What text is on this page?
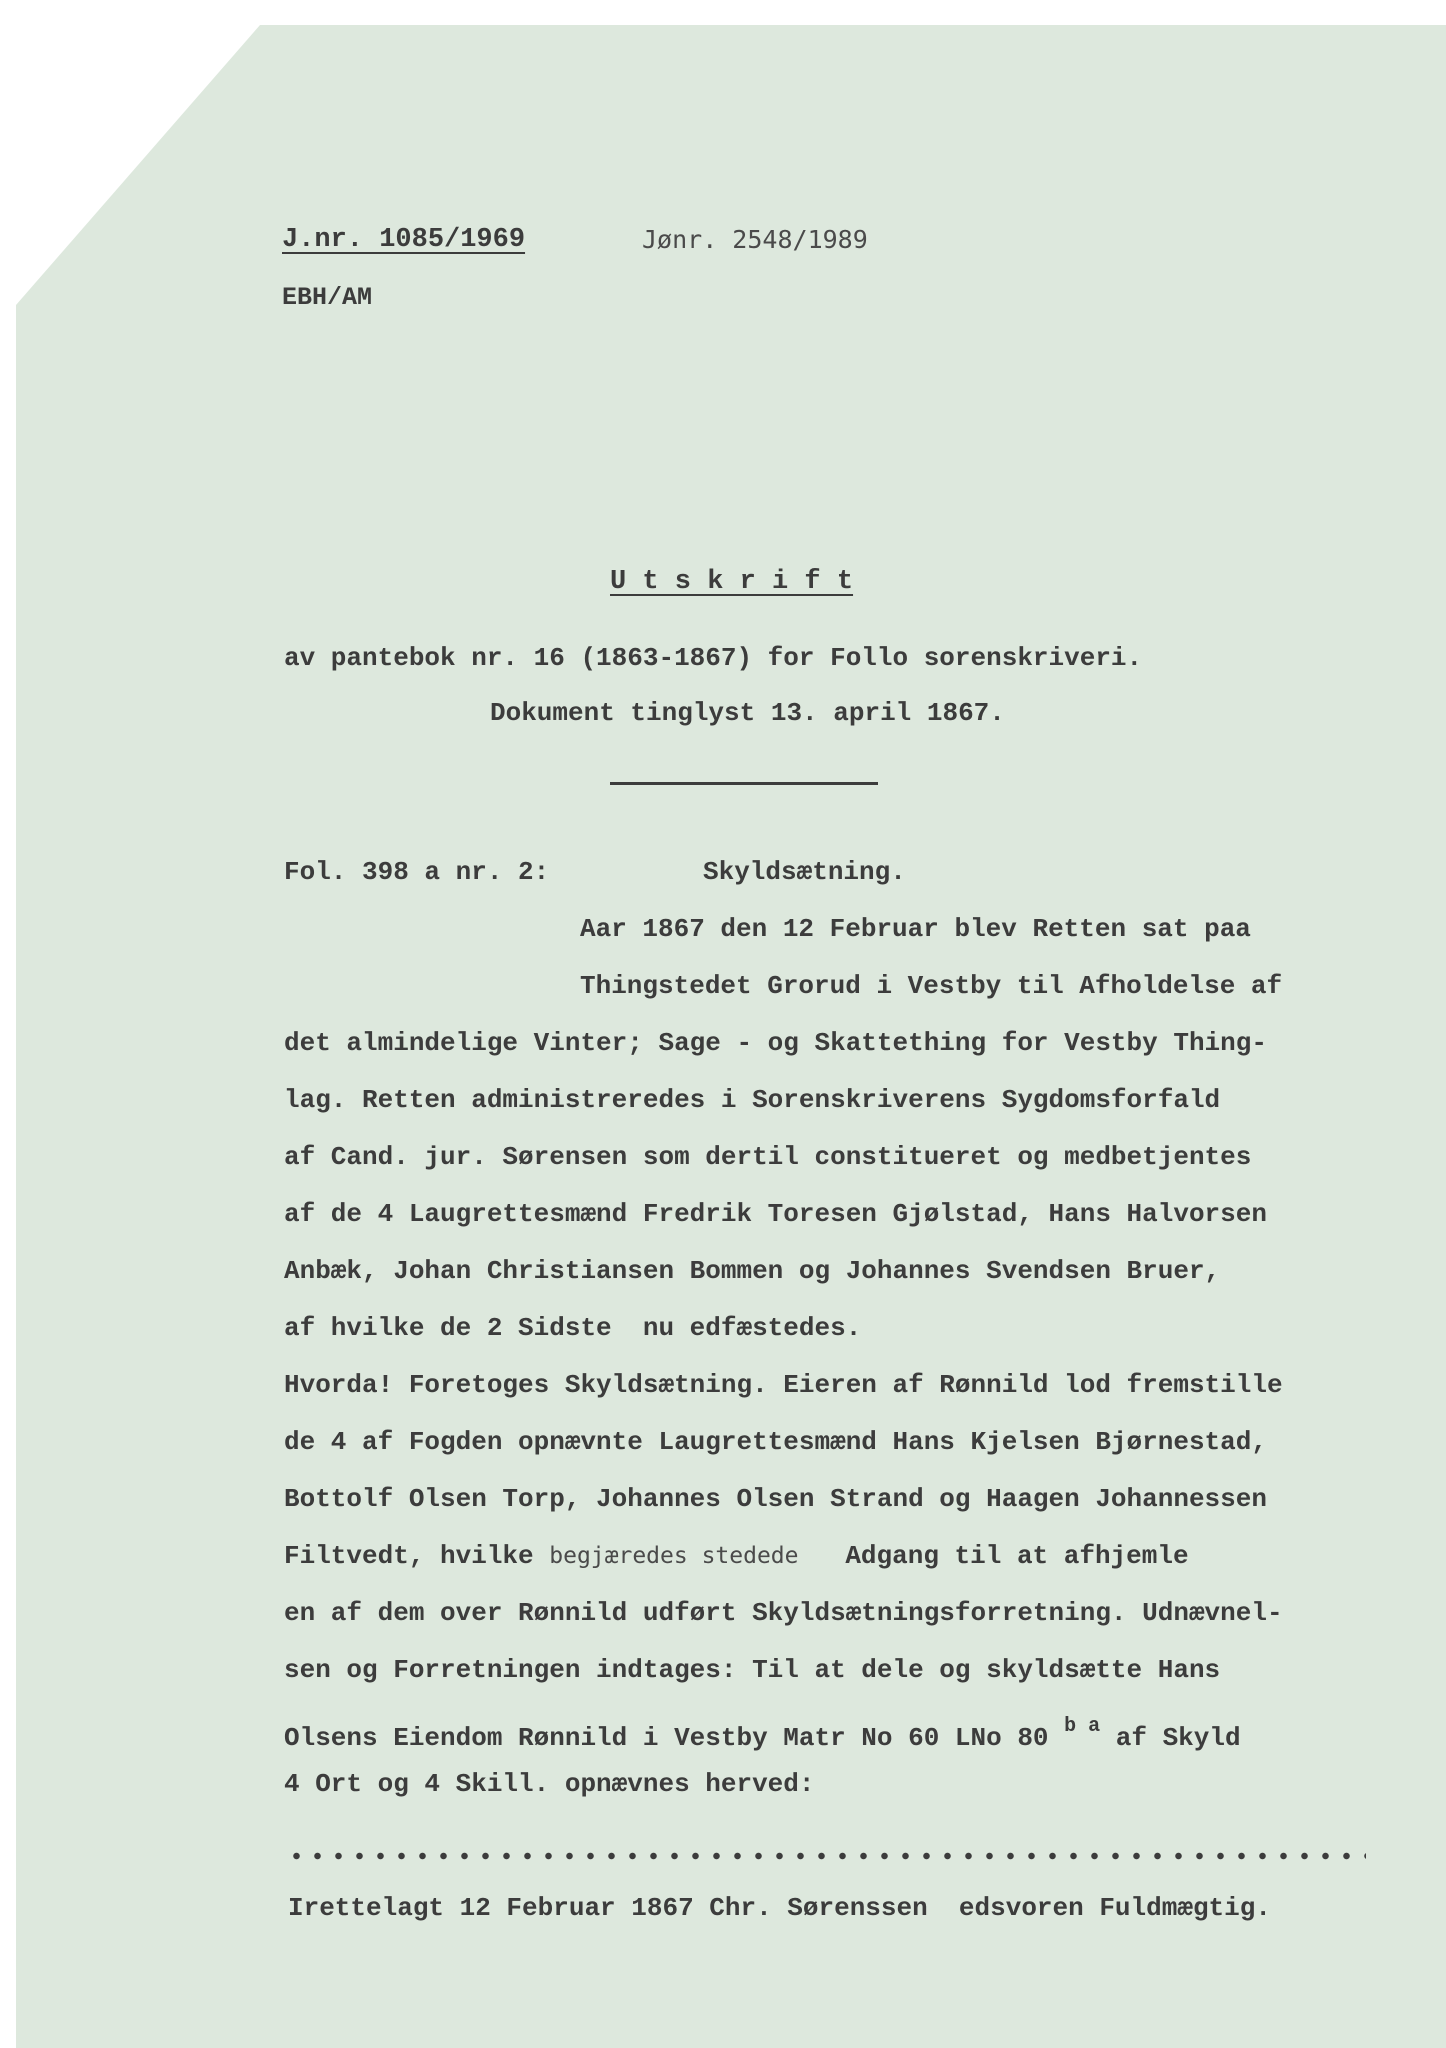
J.nr. 1085/1969	Jønr. 2548/1989
EBH/AM
U t s k r i f t
av pantebok nr. 16 (1863-1867) for Follo sorenskriveri.
Dokument tinglyst 13. april 1867.
Fol. 398 a nr. 2:	Skyldsætning.
Aar 1867 den 12 Februar blev Retten sat paa
Thingstedet Grorud i Vestby til Afholdelse af
det almindelige Vinter; Sage - og Skattething for Vestby Thing-
lag. Retten administreredes i Sorenskriverens Sygdomsforfald
af Cand. jur. Sørensen som dertil constitueret og medbetjentes
af de 4 Laugrettesmænd Fredrik Toresen Gjølstad, Hans Halvorsen
Anbæk, Johan Christiansen Bommen og Johannes Svendsen Bruer,
af hvilke de 2 Sidste  nu edfæstedes.
Hvorda! Foretoges Skyldsætning. Eieren af Rønnild lod fremstille
de 4 af Fogden opnævnte Laugrettesmænd Hans Kjelsen Bjørnestad,
Bottolf Olsen Torp, Johannes Olsen Strand og Haagen Johannessen
Filtvedt, hvilke begjæredes stedede Adgang til at afhjemle
en af dem over Rønnild udført Skyldsætningsforretning. Udnævnel-
sen og Forretningen indtages: Til at dele og skyldsætte Hans
Olsens Eiendom Rønnild i Vestby Matr No 60 LNo 80 $^{b a}$ af Skyld
4 Ort og 4 Skill. opnævnes herved:
Irettelagt 12 Februar 1867 Chr. Sørenssen  edsvoren Fuldmægtig.
